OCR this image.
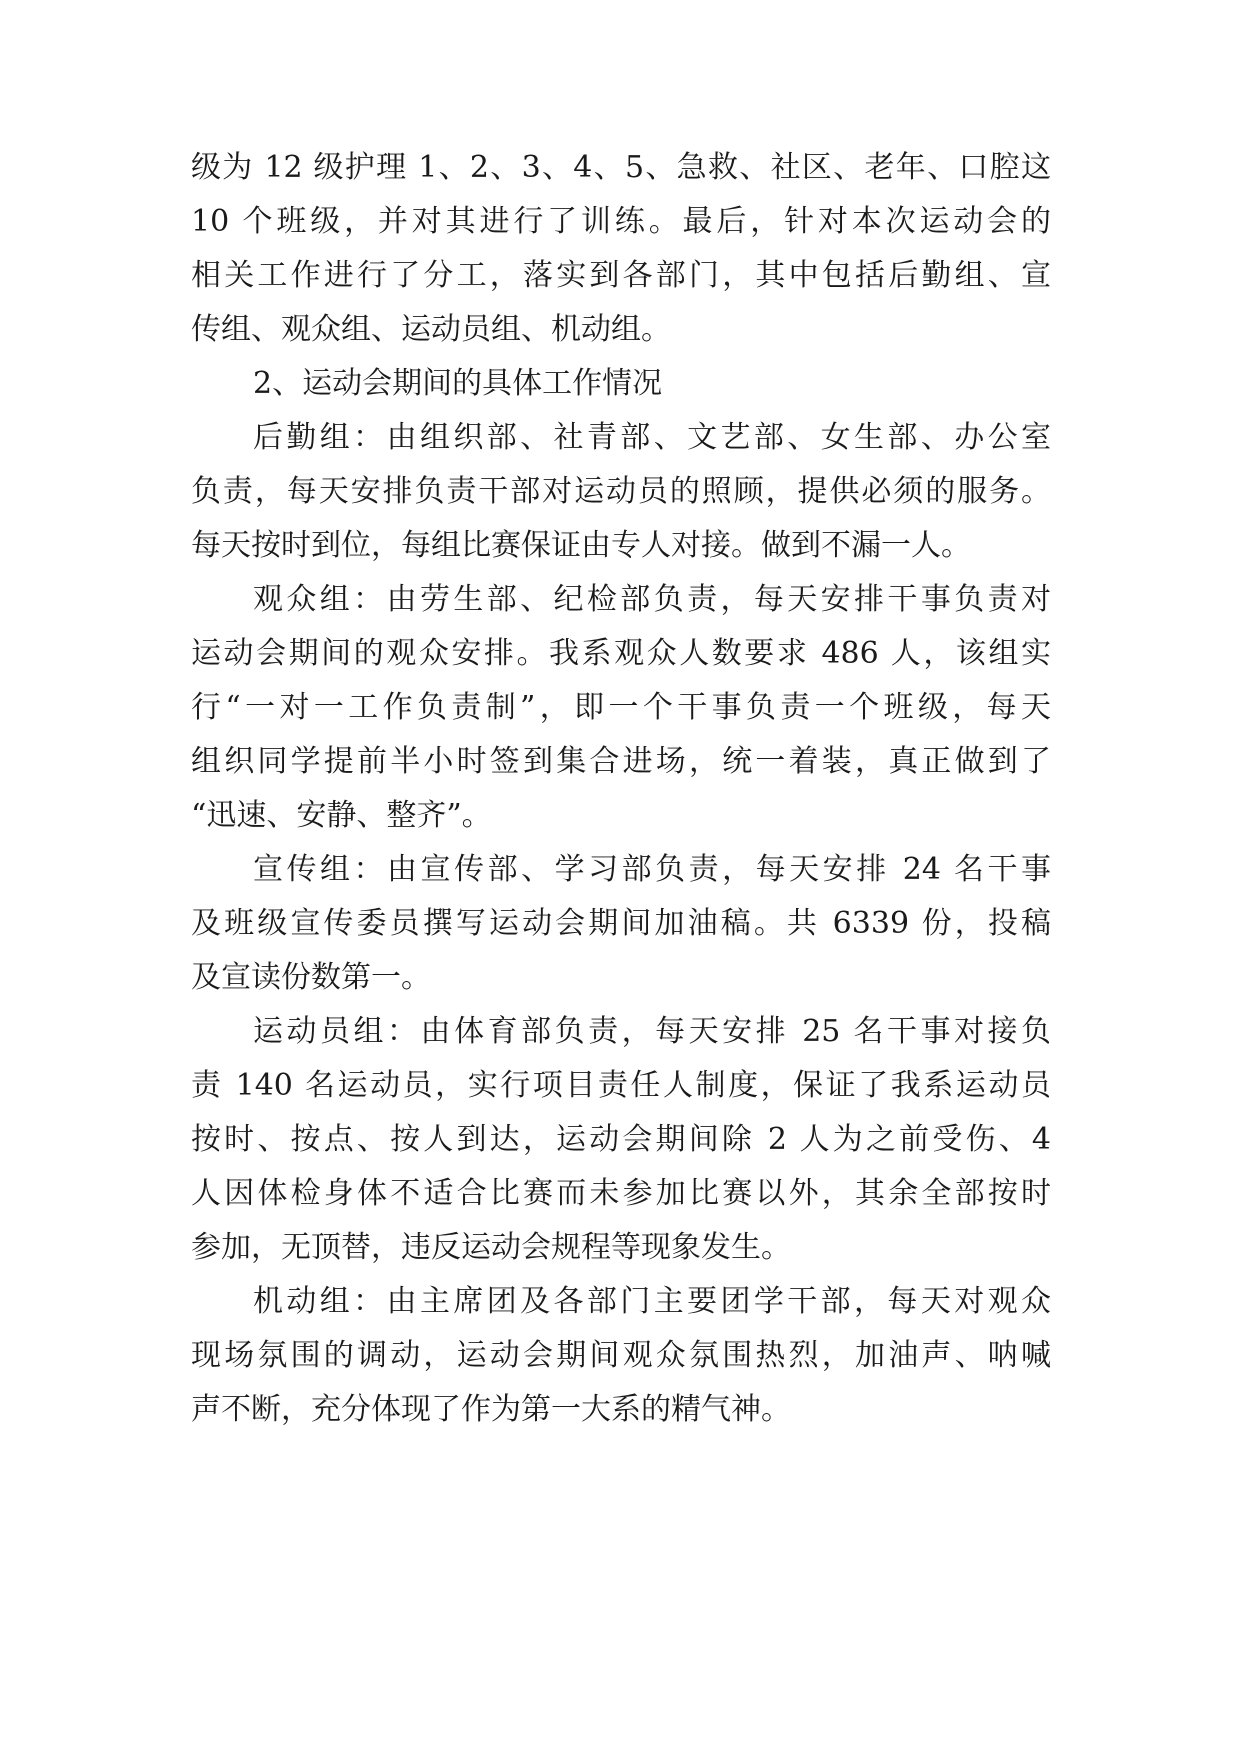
级为 12 级护理 1、2、3、4、5、急救、社区、老年、口腔这
10 个班级，并对其进行了训练。最后，针对本次运动会的
相关工作进行了分工，落实到各部门，其中包括后勤组、宣
传组、观众组、运动员组、机动组。
2、运动会期间的具体工作情况
后勤组：由组织部、社青部、文艺部、女生部、办公室
负责，每天安排负责干部对运动员的照顾，提供必须的服务。
每天按时到位，每组比赛保证由专人对接。做到不漏一人。
观众组：由劳生部、纪检部负责，每天安排干事负责对
运动会期间的观众安排。我系观众人数要求 486 人，该组实
行“一对一工作负责制”，即一个干事负责一个班级，每天
组织同学提前半小时签到集合进场，统一着装，真正做到了
“迅速、安静、整齐”。
宣传组：由宣传部、学习部负责，每天安排 24 名干事
及班级宣传委员撰写运动会期间加油稿。共 6339 份，投稿
及宣读份数第一。
运动员组：由体育部负责，每天安排 25 名干事对接负
责 140 名运动员，实行项目责任人制度，保证了我系运动员
按时、按点、按人到达，运动会期间除 2 人为之前受伤、4
人因体检身体不适合比赛而未参加比赛以外，其余全部按时
参加，无顶替，违反运动会规程等现象发生。
机动组：由主席团及各部门主要团学干部，每天对观众
现场氛围的调动，运动会期间观众氛围热烈，加油声、呐喊
声不断，充分体现了作为第一大系的精气神。
